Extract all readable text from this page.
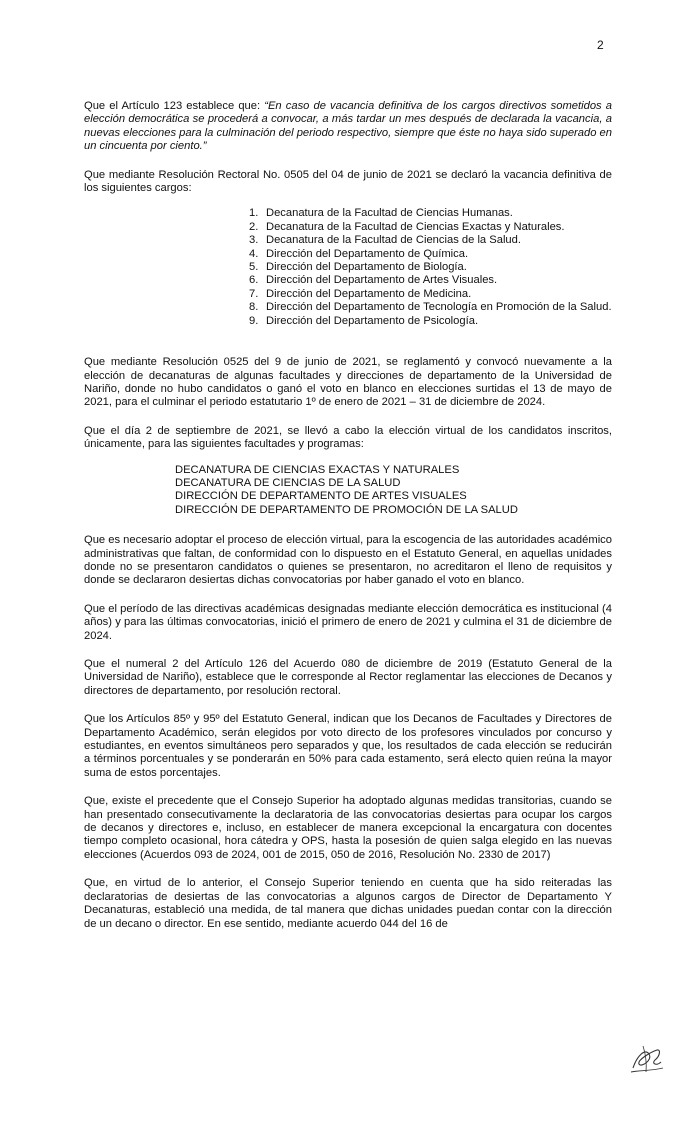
2

Que el Artículo 123 establece que: “En caso de vacancia definitiva de los cargos directivos sometidos a elección democrática se procederá a convocar, a más tardar un mes después de declarada la vacancia, a nuevas elecciones para la culminación del periodo respectivo, siempre que éste no haya sido superado en un cincuenta por ciento.”

Que mediante Resolución Rectoral No. 0505 del 04 de junio de 2021 se declaró la vacancia definitiva de los siguientes cargos:

1. Decanatura de la Facultad de Ciencias Humanas.
2. Decanatura de la Facultad de Ciencias Exactas y Naturales.
3. Decanatura de la Facultad de Ciencias de la Salud.
4. Dirección del Departamento de Química.
5. Dirección del Departamento de Biología.
6. Dirección del Departamento de Artes Visuales.
7. Dirección del Departamento de Medicina.
8. Dirección del Departamento de Tecnología en Promoción de la Salud.
9. Dirección del Departamento de Psicología.

Que mediante Resolución 0525 del 9 de junio de 2021, se reglamentó y convocó nuevamente a la elección de decanaturas de algunas facultades y direcciones de departamento de la Universidad de Nariño, donde no hubo candidatos o ganó el voto en blanco en elecciones surtidas el 13 de mayo de 2021, para el culminar el periodo estatutario 1º de enero de 2021 – 31 de diciembre de 2024.

Que el día 2 de septiembre de 2021, se llevó a cabo la elección virtual de los candidatos inscritos, únicamente, para las siguientes facultades y programas:

DECANATURA DE CIENCIAS EXACTAS Y NATURALES
DECANATURA DE CIENCIAS DE LA SALUD
DIRECCIÓN DE DEPARTAMENTO DE ARTES VISUALES
DIRECCIÓN DE DEPARTAMENTO DE PROMOCIÓN DE LA SALUD

Que es necesario adoptar el proceso de elección virtual, para la escogencia de las autoridades académico administrativas que faltan, de conformidad con lo dispuesto en el Estatuto General, en aquellas unidades donde no se presentaron candidatos o quienes se presentaron, no acreditaron el lleno de requisitos y donde se declararon desiertas dichas convocatorias por haber ganado el voto en blanco.

Que el período de las directivas académicas designadas mediante elección democrática es institucional (4 años) y para las últimas convocatorias, inició el primero de enero de 2021 y culmina el 31 de diciembre de 2024.

Que el numeral 2 del Artículo 126 del Acuerdo 080 de diciembre de 2019 (Estatuto General de la Universidad de Nariño), establece que le corresponde al Rector reglamentar las elecciones de Decanos y directores de departamento, por resolución rectoral.

Que los Artículos 85º y 95º del Estatuto General, indican que los Decanos de Facultades y Directores de Departamento Académico, serán elegidos por voto directo de los profesores vinculados por concurso y estudiantes, en eventos simultáneos pero separados y que, los resultados de cada elección se reducirán a términos porcentuales y se ponderarán en 50% para cada estamento, será electo quien reúna la mayor suma de estos porcentajes.

Que, existe el precedente que el Consejo Superior ha adoptado algunas medidas transitorias, cuando se han presentado consecutivamente la declaratoria de las convocatorias desiertas para ocupar los cargos de decanos y directores e, incluso, en establecer de manera excepcional la encargatura con docentes tiempo completo ocasional, hora cátedra y OPS, hasta la posesión de quien salga elegido en las nuevas elecciones (Acuerdos 093 de 2024, 001 de 2015, 050 de 2016, Resolución No. 2330 de 2017)

Que, en virtud de lo anterior, el Consejo Superior teniendo en cuenta que ha sido reiteradas las declaratorias de desiertas de las convocatorias a algunos cargos de Director de Departamento Y Decanaturas, estableció una medida, de tal manera que dichas unidades puedan contar con la dirección de un decano o director. En ese sentido, mediante acuerdo 044 del 16 de
